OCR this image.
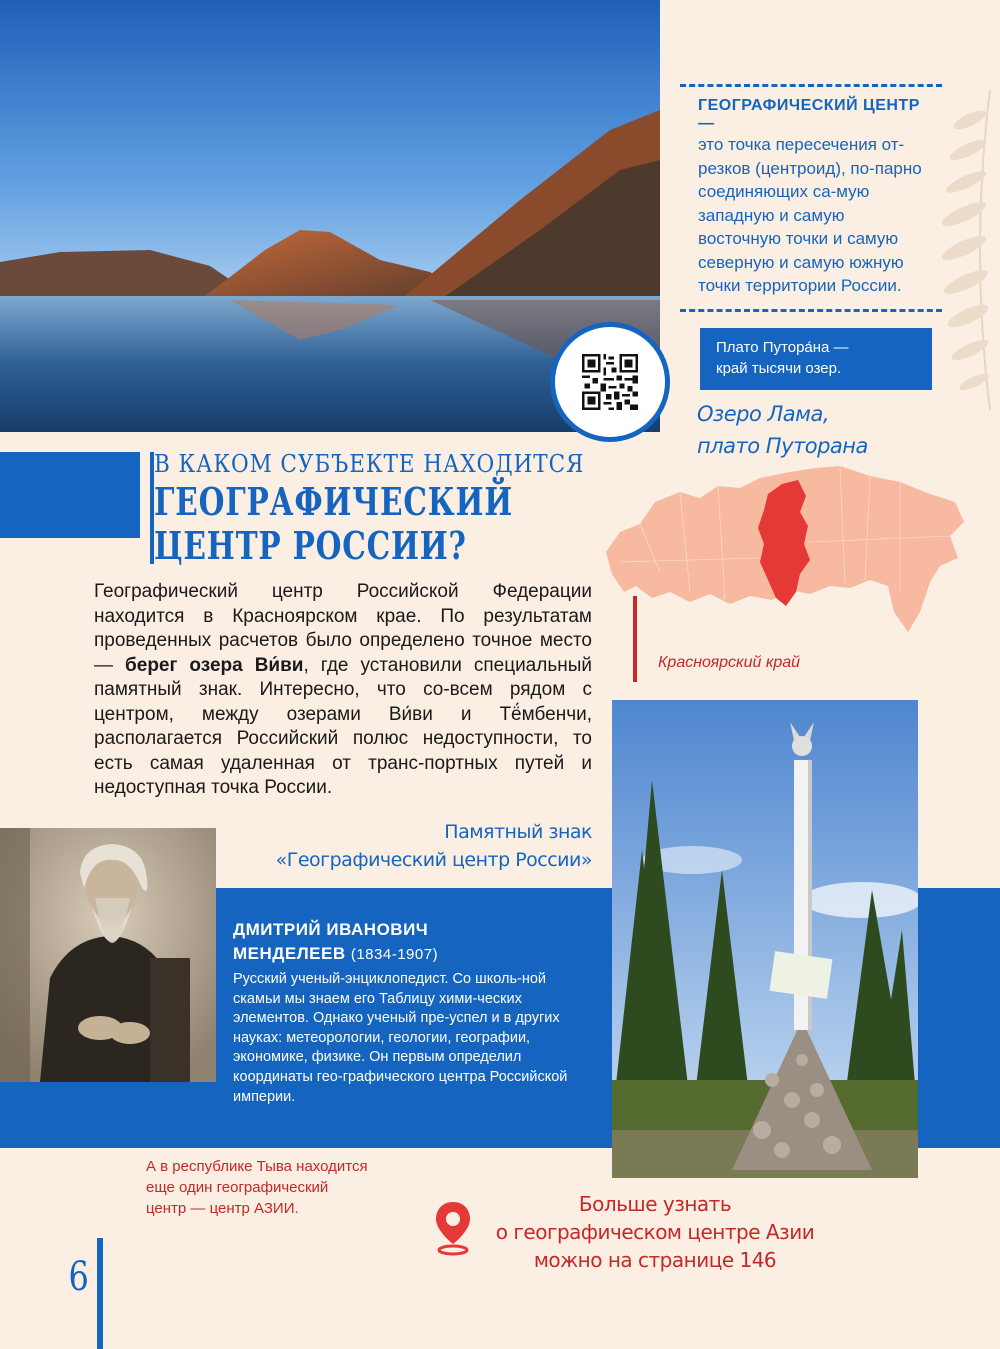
ГЕОГРАФИЧЕСКИЙ ЦЕНТР —
это точка пересечения от-резков (центроид), по-парно соединяющих са-мую западную и самую восточную точки и самую северную и самую южную точки территории России.
Плато Путора́на —
край тысячи озер.
Озеро Лама,
плато Путорана
В КАКОМ СУБЪЕКТЕ НАХОДИТСЯ
ГЕОГРАФИЧЕСКИЙ
ЦЕНТР РОССИИ?
Красноярский край
Географический центр Российской Федерации находится в Красноярском крае. По результатам проведенных расчетов было определено точное место — берег озера Ви́ви, где установили специальный памятный знак. Интересно, что со-всем рядом с центром, между озерами Ви́ви и Тё́мбенчи, располагается Российский полюс недоступности, то есть самая удаленная от транс-портных путей и недоступная точка России.
Памятный знак
«Географический центр России»
ДМИТРИЙ ИВАНОВИЧ
МЕНДЕЛЕЕВ (1834-1907)
Русский ученый-энциклопедист. Со школь-ной скамьи мы знаем его Таблицу хими-ческих элементов. Однако ученый пре-успел и в других науках: метеорологии, геологии, географии, экономике, физике. Он первым определил координаты гео-графического центра Российской империи.
А в республике Тыва находится
еще один географический
центр — центр АЗИИ.	Больше узнать
о географическом центре Азии
можно на странице 146
6
